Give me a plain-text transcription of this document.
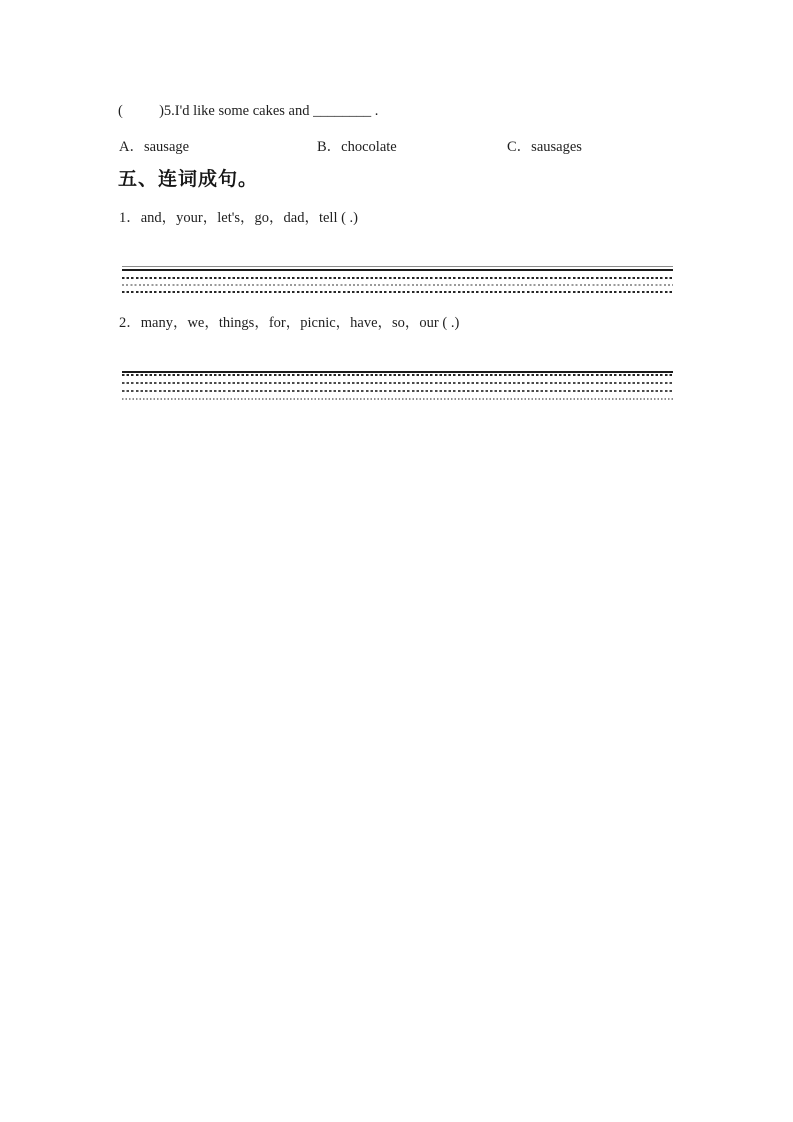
(          )5.I'd like some cakes and ________ .
A．sausage	B．chocolate	C．sausages
五、连词成句。
1．and，your，let's，go，dad，tell ( .)
2．many，we，things，for，picnic，have，so，our ( .)
